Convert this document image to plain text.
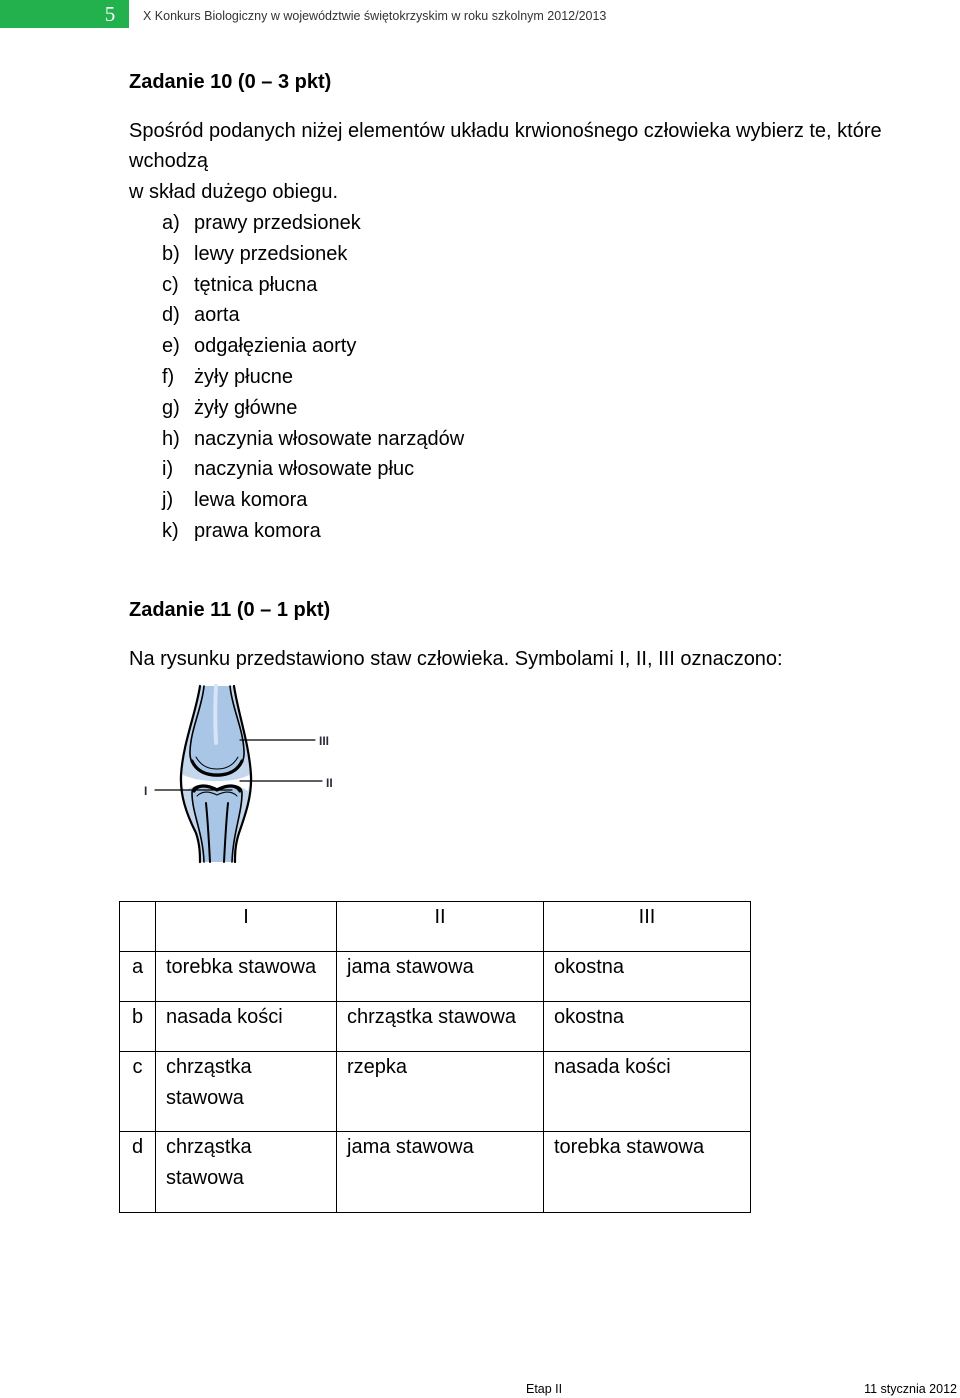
5	X Konkurs Biologiczny w województwie świętokrzyskim w roku szkolnym 2012/2013
Zadanie 10 (0 – 3 pkt)
Spośród podanych niżej elementów układu krwionośnego człowieka wybierz te, które
wchodzą
w skład dużego obiegu.
a) prawy przedsionek
b) lewy przedsionek
c) tętnica płucna
d) aorta
e) odgałęzienia aorty
f) żyły płucne
g) żyły główne
h) naczynia włosowate narządów
i)	naczynia włosowate płuc
j)	lewa komora
k) prawa komora
Zadanie 11 (0 – 1 pkt)
Na rysunku przedstawiono staw człowieka. Symbolami I, II, III oznaczono:
I
II
III
	I	II	III
a	torebka stawowa	jama stawowa	okostna
b	nasada kości	chrząstka stawowa	okostna
c	chrząstka stawowa	rzepka	nasada kości
d	chrząstka stawowa	jama stawowa	torebka stawowa
Etap II	11 stycznia 2012
